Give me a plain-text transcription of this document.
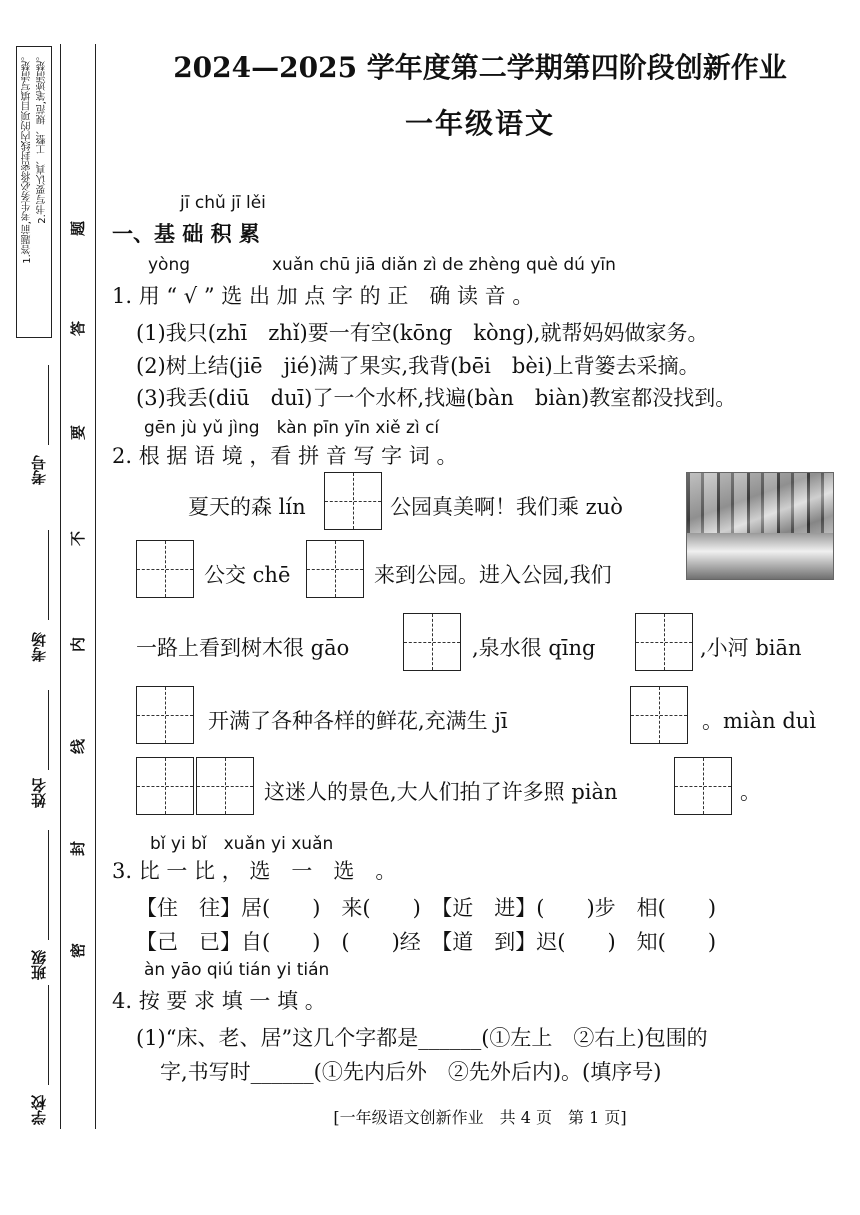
1.答题前,考生务必将密封线内的项目填写清楚。 2.书写要认真、工整、规范,笔迹清楚。
考号
考场
姓名
班级
学校
题
答
要
不
内
线
封
密
2024—2025 学年度第二学期第四阶段创新作业
一年级语文
jī chǔ jī lěi
一、基 础 积 累
yòng	xuǎn chū jiā diǎn zì de zhèng què dú yīn
1. 用 “ √ ” 选 出 加 点 字 的 正　确 读 音 。
(1)我只(zhī　zhǐ)要一有空(kōng　kòng),就帮妈妈做家务。
(2)树上结(jiē　jié)满了果实,我背(bēi　bèi)上背篓去采摘。
(3)我丢(diū　duī)了一个水杯,找遍(bàn　biàn)教室都没找到。
gēn jù yǔ jìng　kàn pīn yīn xiě zì cí
2. 根 据 语 境 ，看 拼 音 写 字 词 。
夏天的森 lín	公园真美啊！我们乘 zuò
公交 chē	来到公园。进入公园,我们
一路上看到树木很 gāo	,泉水很 qīng	,小河 biān
开满了各种各样的鲜花,充满生 jī	。miàn duì
这迷人的景色,大人们拍了许多照 piàn	。
bǐ yi bǐ　xuǎn yi xuǎn
3. 比 一 比 ， 选　一　选　。
【住　往】居(　　)　来(　　)　【近　进】(　　)步　相(　　)
【己　已】自(　　)　(　　)经　【道　到】迟(　　)　知(　　)
àn yāo qiú tián yi tián
4. 按 要 求 填 一 填 。
(1)“床、老、居”这几个字都是______(①左上　②右上)包围的
字,书写时______(①先内后外　②先外后内)。(填序号)
[一年级语文创新作业　共 4 页　第 1 页]
